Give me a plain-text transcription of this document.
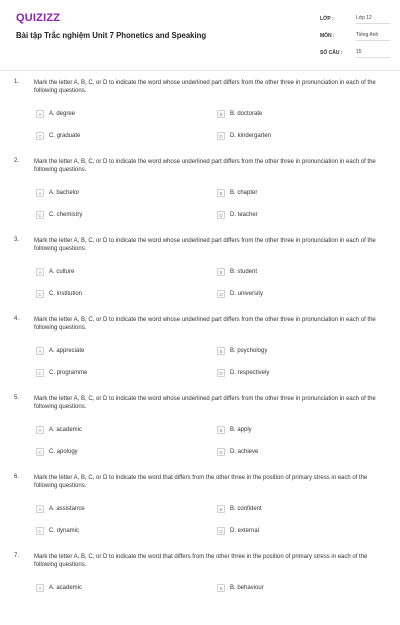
QUIZIZZ
Bài tập Trắc nghiệm Unit 7 Phonetics and Speaking
LỚP :	Lớp 12
MÔN :	Tiếng Anh
SỐ CÂU :	15
1. Mark the letter A, B, C, or D to indicate the word whose underlined part differs from the other three in pronunciation in each of the following questions.
A	A. degree	B	B. doctorate
C	C. graduate	D	D. kindergarten
2. Mark the letter A, B, C, or D to indicate the word whose underlined part differs from the other three in pronunciation in each of the following questions.
A	A. bachelor	B	B. chapter
C	C. chemistry	D	D. teacher
3. Mark the letter A, B, C, or D to indicate the word whose underlined part differs from the other three in pronunciation in each of the following questions.
A	A. culture	B	B. student
C	C. institution	D	D. university
4. Mark the letter A, B, C, or D to indicate the word whose underlined part differs from the other three in pronunciation in each of the following questions.
A	A. appreciate	B	B. psychology
C	C. programme	D	D. respectively
5. Mark the letter A, B, C, or D to indicate the word whose underlined part differs from the other three in pronunciation in each of the following questions.
A	A. academic	B	B. apply
C	C. apology	D	D. achieve
6. Mark the letter A, B, C, or D to indicate the word that differs from the other three in the position of primary stress in each of the following questions.
A	A. assistance	B	B. confident
C	C. dynamic	D	D. external
7. Mark the letter A, B, C, or D to indicate the word that differs from the other three in the position of primary stress in each of the following questions.
A	A. academic	B	B. behaviour
